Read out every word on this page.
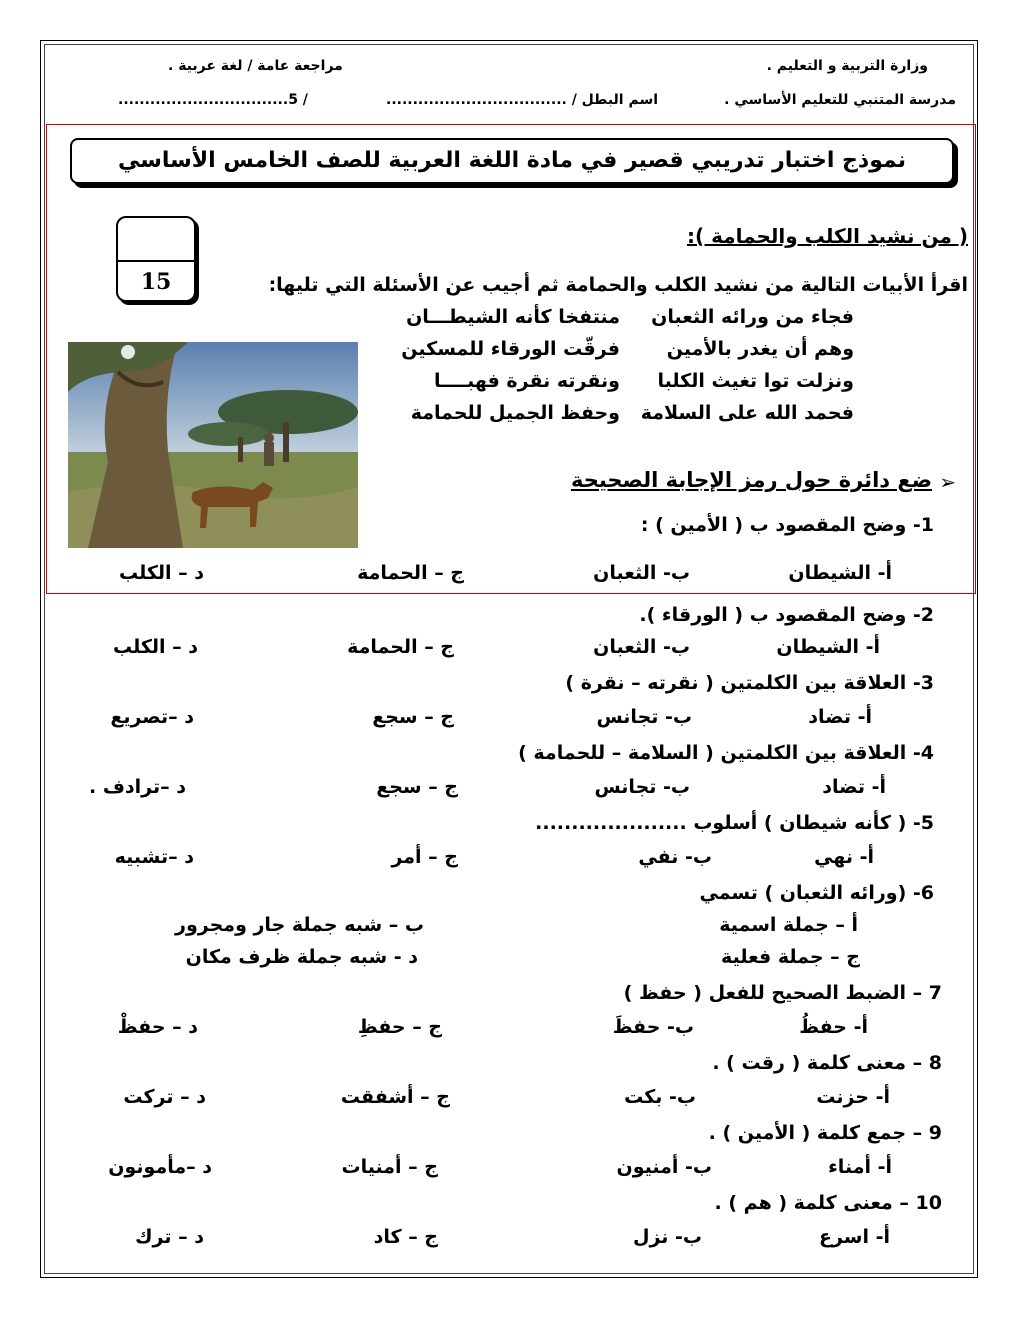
وزارة التربية و التعليم .
مراجعة عامة / لغة عربية .
مدرسة المتنبي للتعليم الأساسي .
اسم البطل / ..................................
/ 5................................
نموذج اختبار تدريبي قصير في مادة اللغة العربية للصف الخامس الأساسي
15
( من نشيد الكلب والحمامة ):
اقرأ الأبيات التالية من نشيد الكلب والحمامة ثم أجيب عن الأسئلة التي تليها:
فجاء من ورائه الثعبان
منتفخا كأنه الشيطـــان
وهم أن يغدر بالأمين
فرقّت الورقاء للمسكين
ونزلت توا تغيث الكلبا
ونقرته نقرة فهبــــا
فحمد الله على السلامة
وحفظ الجميل للحمامة
ضع دائرة حول رمز الإجابة الصحيحة ➢
1- وضح المقصود ب ( الأمين ) :
أ- الشيطان
ب- الثعبان
ج – الحمامة
د – الكلب
2- وضح المقصود ب ( الورقاء ).
أ- الشيطان
ب- الثعبان
ج – الحمامة
د – الكلب
3- العلاقة بين الكلمتين ( نقرته – نقرة )
أ- تضاد
ب- تجانس
ج – سجع
د –تصريع
4- العلاقة بين الكلمتين ( السلامة – للحمامة )
أ- تضاد
ب- تجانس
ج – سجع
د –ترادف .
5- ( كأنه شيطان ) أسلوب .....................
أ- نهي
ب- نفي
ج – أمر
د –تشبيه
6- (ورائه الثعبان ) تسمي
أ – جملة اسمية
ب – شبه جملة جار ومجرور
ج – جملة فعلية
د - شبه جملة ظرف مكان
7 – الضبط الصحيح للفعل ( حفظ )
أ- حفظُ
ب- حفظَ
ج – حفظِ
د – حفظْ
8 – معنى كلمة ( رقت ) .
أ- حزنت
ب- بكت
ج – أشفقت
د – تركت
9 – جمع كلمة ( الأمين ) .
أ- أمناء
ب- أمنيون
ج – أمنيات
د –مأمونون
10 – معنى كلمة ( هم ) .
أ- اسرع
ب- نزل
ج – كاد
د – ترك
